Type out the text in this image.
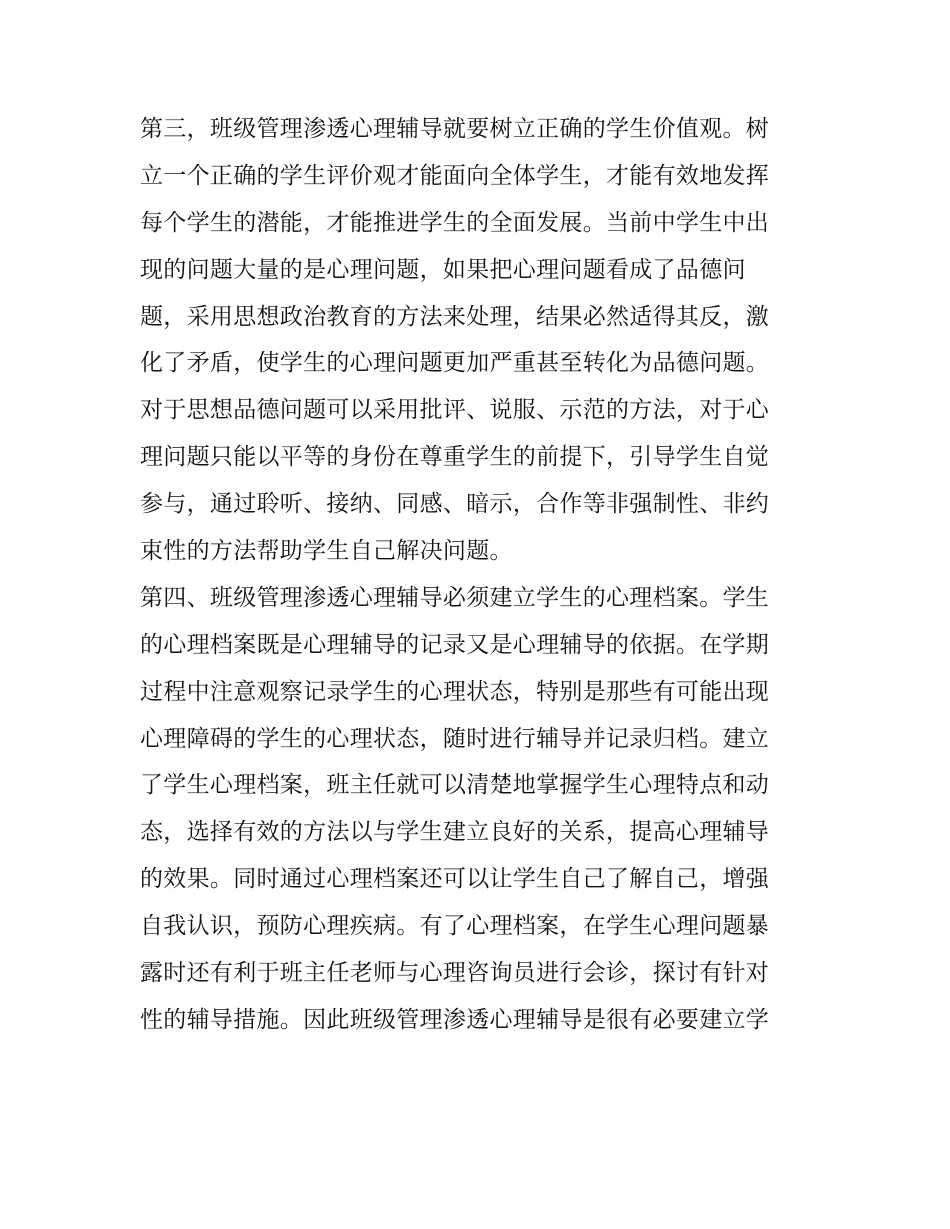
第三，班级管理渗透心理辅导就要树立正确的学生价值观。树
立一个正确的学生评价观才能面向全体学生，才能有效地发挥
每个学生的潜能，才能推进学生的全面发展。当前中学生中出
现的问题大量的是心理问题，如果把心理问题看成了品德问
题，采用思想政治教育的方法来处理，结果必然适得其反，激
化了矛盾，使学生的心理问题更加严重甚至转化为品德问题。
对于思想品德问题可以采用批评、说服、示范的方法，对于心
理问题只能以平等的身份在尊重学生的前提下，引导学生自觉
参与，通过聆听、接纳、同感、暗示，合作等非强制性、非约
束性的方法帮助学生自己解决问题。
第四、班级管理渗透心理辅导必须建立学生的心理档案。学生
的心理档案既是心理辅导的记录又是心理辅导的依据。在学期
过程中注意观察记录学生的心理状态，特别是那些有可能出现
心理障碍的学生的心理状态，随时进行辅导并记录归档。建立
了学生心理档案，班主任就可以清楚地掌握学生心理特点和动
态，选择有效的方法以与学生建立良好的关系，提高心理辅导
的效果。同时通过心理档案还可以让学生自己了解自己，增强
自我认识，预防心理疾病。有了心理档案，在学生心理问题暴
露时还有利于班主任老师与心理咨询员进行会诊，探讨有针对
性的辅导措施。因此班级管理渗透心理辅导是很有必要建立学
